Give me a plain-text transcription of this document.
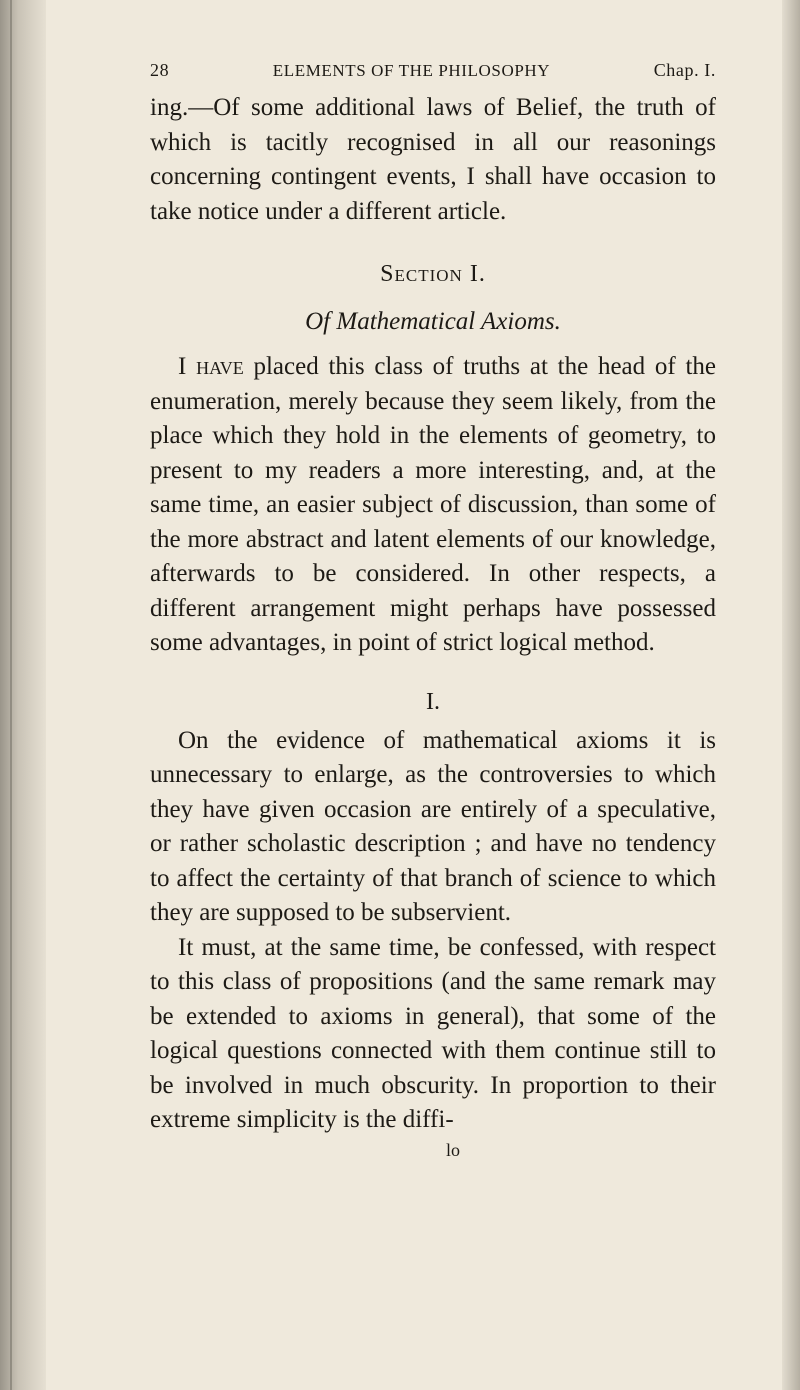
28	ELEMENTS OF THE PHILOSOPHY	Chap. I.

ing.—Of some additional laws of Belief, the truth of which is tacitly recognised in all our reasonings concerning contingent events, I shall have occasion to take notice under a different article.

Section I.
Of Mathematical Axioms.

I have placed this class of truths at the head of the enumeration, merely because they seem likely, from the place which they hold in the elements of geometry, to present to my readers a more interesting, and, at the same time, an easier subject of discussion, than some of the more abstract and latent elements of our knowledge, afterwards to be considered. In other respects, a different arrangement might perhaps have possessed some advantages, in point of strict logical method.

I.

On the evidence of mathematical axioms it is unnecessary to enlarge, as the controversies to which they have given occasion are entirely of a speculative, or rather scholastic description ; and have no tendency to affect the certainty of that branch of science to which they are supposed to be subservient.

It must, at the same time, be confessed, with respect to this class of propositions (and the same remark may be extended to axioms in general), that some of the logical questions connected with them continue still to be involved in much obscurity. In proportion to their extreme simplicity is the diffi-

lo
